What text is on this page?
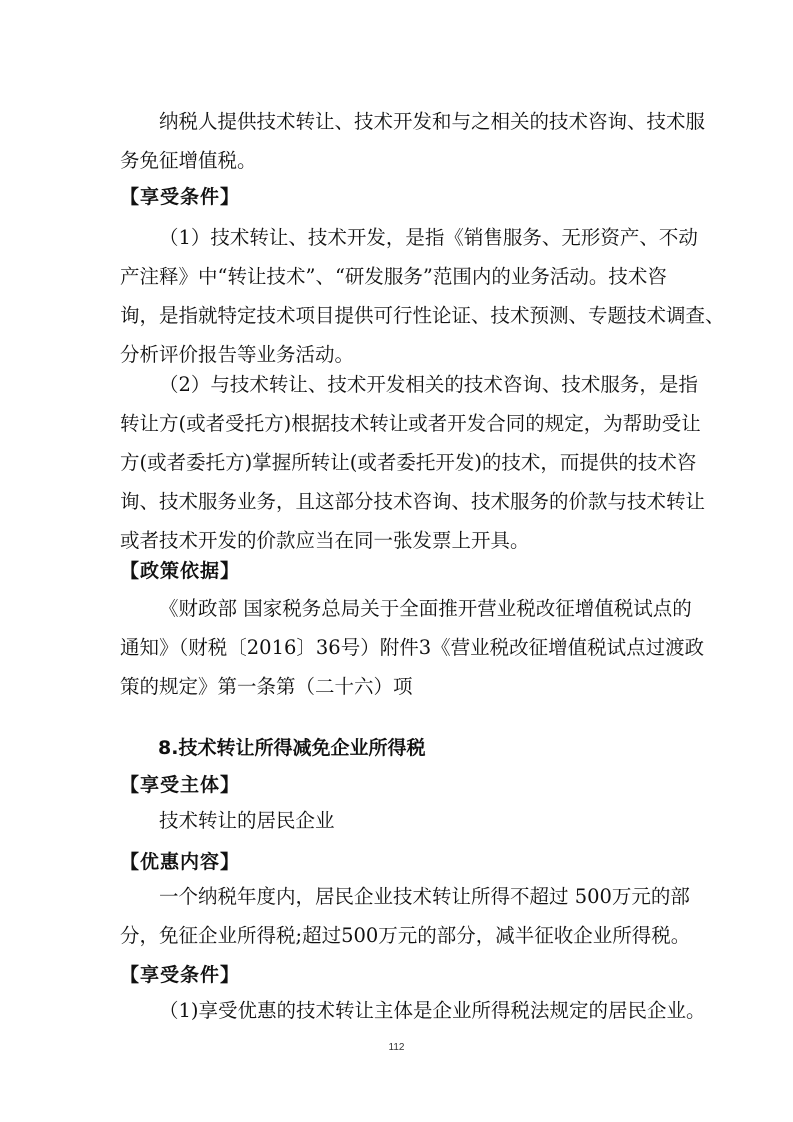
纳税人提供技术转让、技术开发和与之相关的技术咨询、技术服
务免征增值税。
【享受条件】
（1）技术转让、技术开发，是指《销售服务、无形资产、不动
产注释》中“转让技术”、“研发服务”范围内的业务活动。技术咨
询，是指就特定技术项目提供可行性论证、技术预测、专题技术调查、
分析评价报告等业务活动。
（2）与技术转让、技术开发相关的技术咨询、技术服务，是指
转让方(或者受托方)根据技术转让或者开发合同的规定，为帮助受让
方(或者委托方)掌握所转让(或者委托开发)的技术，而提供的技术咨
询、技术服务业务，且这部分技术咨询、技术服务的价款与技术转让
或者技术开发的价款应当在同一张发票上开具。
【政策依据】
《财政部 国家税务总局关于全面推开营业税改征增值税试点的
通知》（财税〔2016〕36号）附件3《营业税改征增值税试点过渡政
策的规定》第一条第（二十六）项
8.技术转让所得减免企业所得税
【享受主体】
技术转让的居民企业
【优惠内容】
一个纳税年度内，居民企业技术转让所得不超过 500万元的部
分，免征企业所得税;超过500万元的部分，减半征收企业所得税。
【享受条件】
（1)享受优惠的技术转让主体是企业所得税法规定的居民企业。
112
